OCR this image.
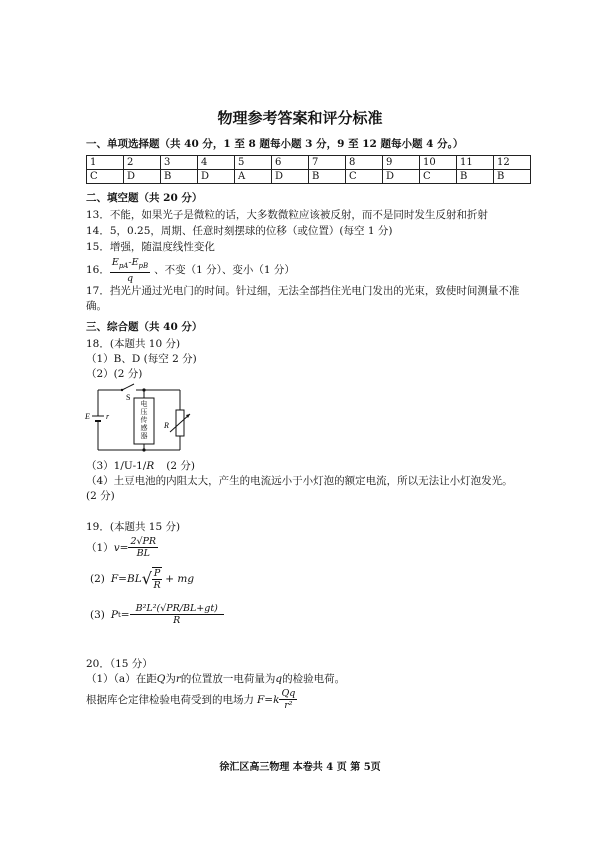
物理参考答案和评分标准
一、单项选择题（共 40 分，1 至 8 题每小题 3 分，9 至 12 题每小题 4 分。）
1	2	3	4	5	6	7	8	9	10	11	12
C	D	B	D	A	D	B	C	D	C	B	B
二、填空题（共 20 分）
13．不能，如果光子是微粒的话，大多数微粒应该被反射，而不是同时发生反射和折射
14．5，0.25，周期、任意时刻摆球的位移（或位置）(每空 1 分)
15．增强，随温度线性变化
16． $\frac{E_{pA}-E_{pB}}{q}$ 、不变（1 分）、变小（1 分）
17．挡光片通过光电门的时间。针过细，无法全部挡住光电门发出的光束，致使时间测量不准
确。
三、综合题（共 40 分）
18．(本题共 10 分)
（1）B、D (每空 2 分)
（2）(2 分)
S
E r
R
电压传感器
（3）1/U-1/R (2 分)
（4）土豆电池的内阻太大，产生的电流远小于小灯泡的额定电流，所以无法让小灯泡发光。
(2 分)
19．(本题共 15 分)
（1） $v = \frac{2√PR}{BL}$
(2) F = BL √ $\frac{P}{R}$ + mg
(3) P $t = \frac{\text{B²L²(√PR/BL+gt)}}{R}$
20．（15 分）
（1）（a）在距Q为r的位置放一电荷量为q的检验电荷。
根据库仑定律检验电荷受到的电场力 F = k $\frac{Qq}{\text{r²}}$
徐汇区高三物理 本卷共 4 页 第 5页
